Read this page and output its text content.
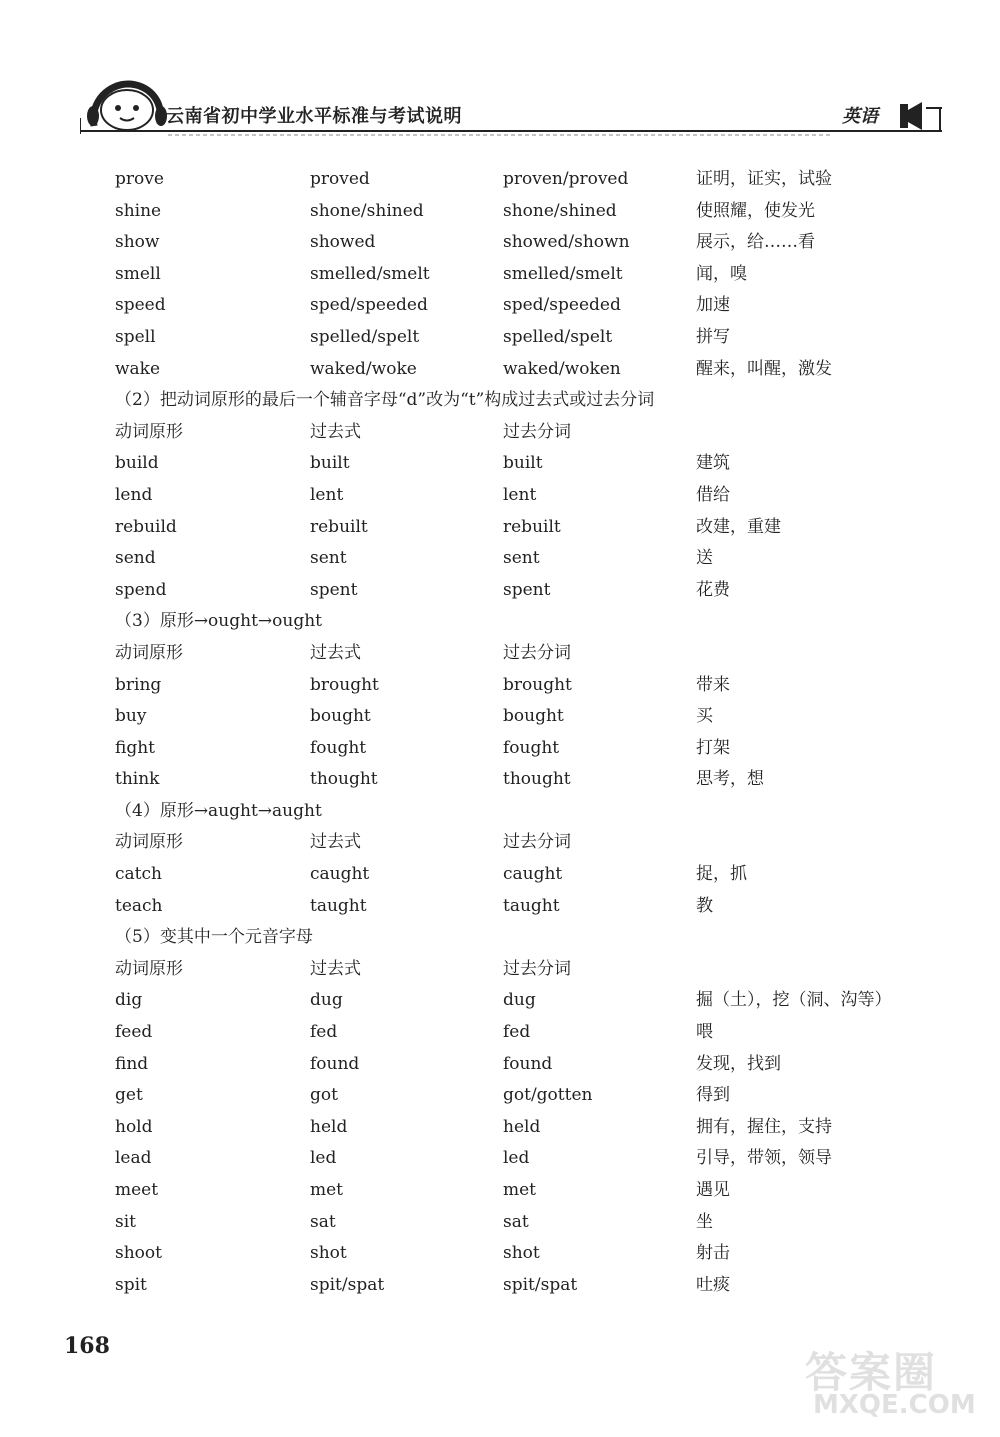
云南省初中学业水平标准与考试说明	英语
prove	proved	proven/proved	证明，证实，试验
shine	shone/shined	shone/shined	使照耀，使发光
show	showed	showed/shown	展示，给……看
smell	smelled/smelt	smelled/smelt	闻，嗅
speed	sped/speeded	sped/speeded	加速
spell	spelled/spelt	spelled/spelt	拼写
wake	waked/woke	waked/woken	醒来，叫醒，激发
（2）把动词原形的最后一个辅音字母“d”改为“t”构成过去式或过去分词
动词原形	过去式	过去分词
build	built	built	建筑
lend	lent	lent	借给
rebuild	rebuilt	rebuilt	改建，重建
send	sent	sent	送
spend	spent	spent	花费
（3）原形→ought→ought
动词原形	过去式	过去分词
bring	brought	brought	带来
buy	bought	bought	买
fight	fought	fought	打架
think	thought	thought	思考，想
（4）原形→aught→aught
动词原形	过去式	过去分词
catch	caught	caught	捉，抓
teach	taught	taught	教
（5）变其中一个元音字母
动词原形	过去式	过去分词
dig	dug	dug	掘（土），挖（洞、沟等）
feed	fed	fed	喂
find	found	found	发现，找到
get	got	got/gotten	得到
hold	held	held	拥有，握住，支持
lead	led	led	引导，带领，领导
meet	met	met	遇见
sit	sat	sat	坐
shoot	shot	shot	射击
spit	spit/spat	spit/spat	吐痰
168
答案圈
MXQE.COM
